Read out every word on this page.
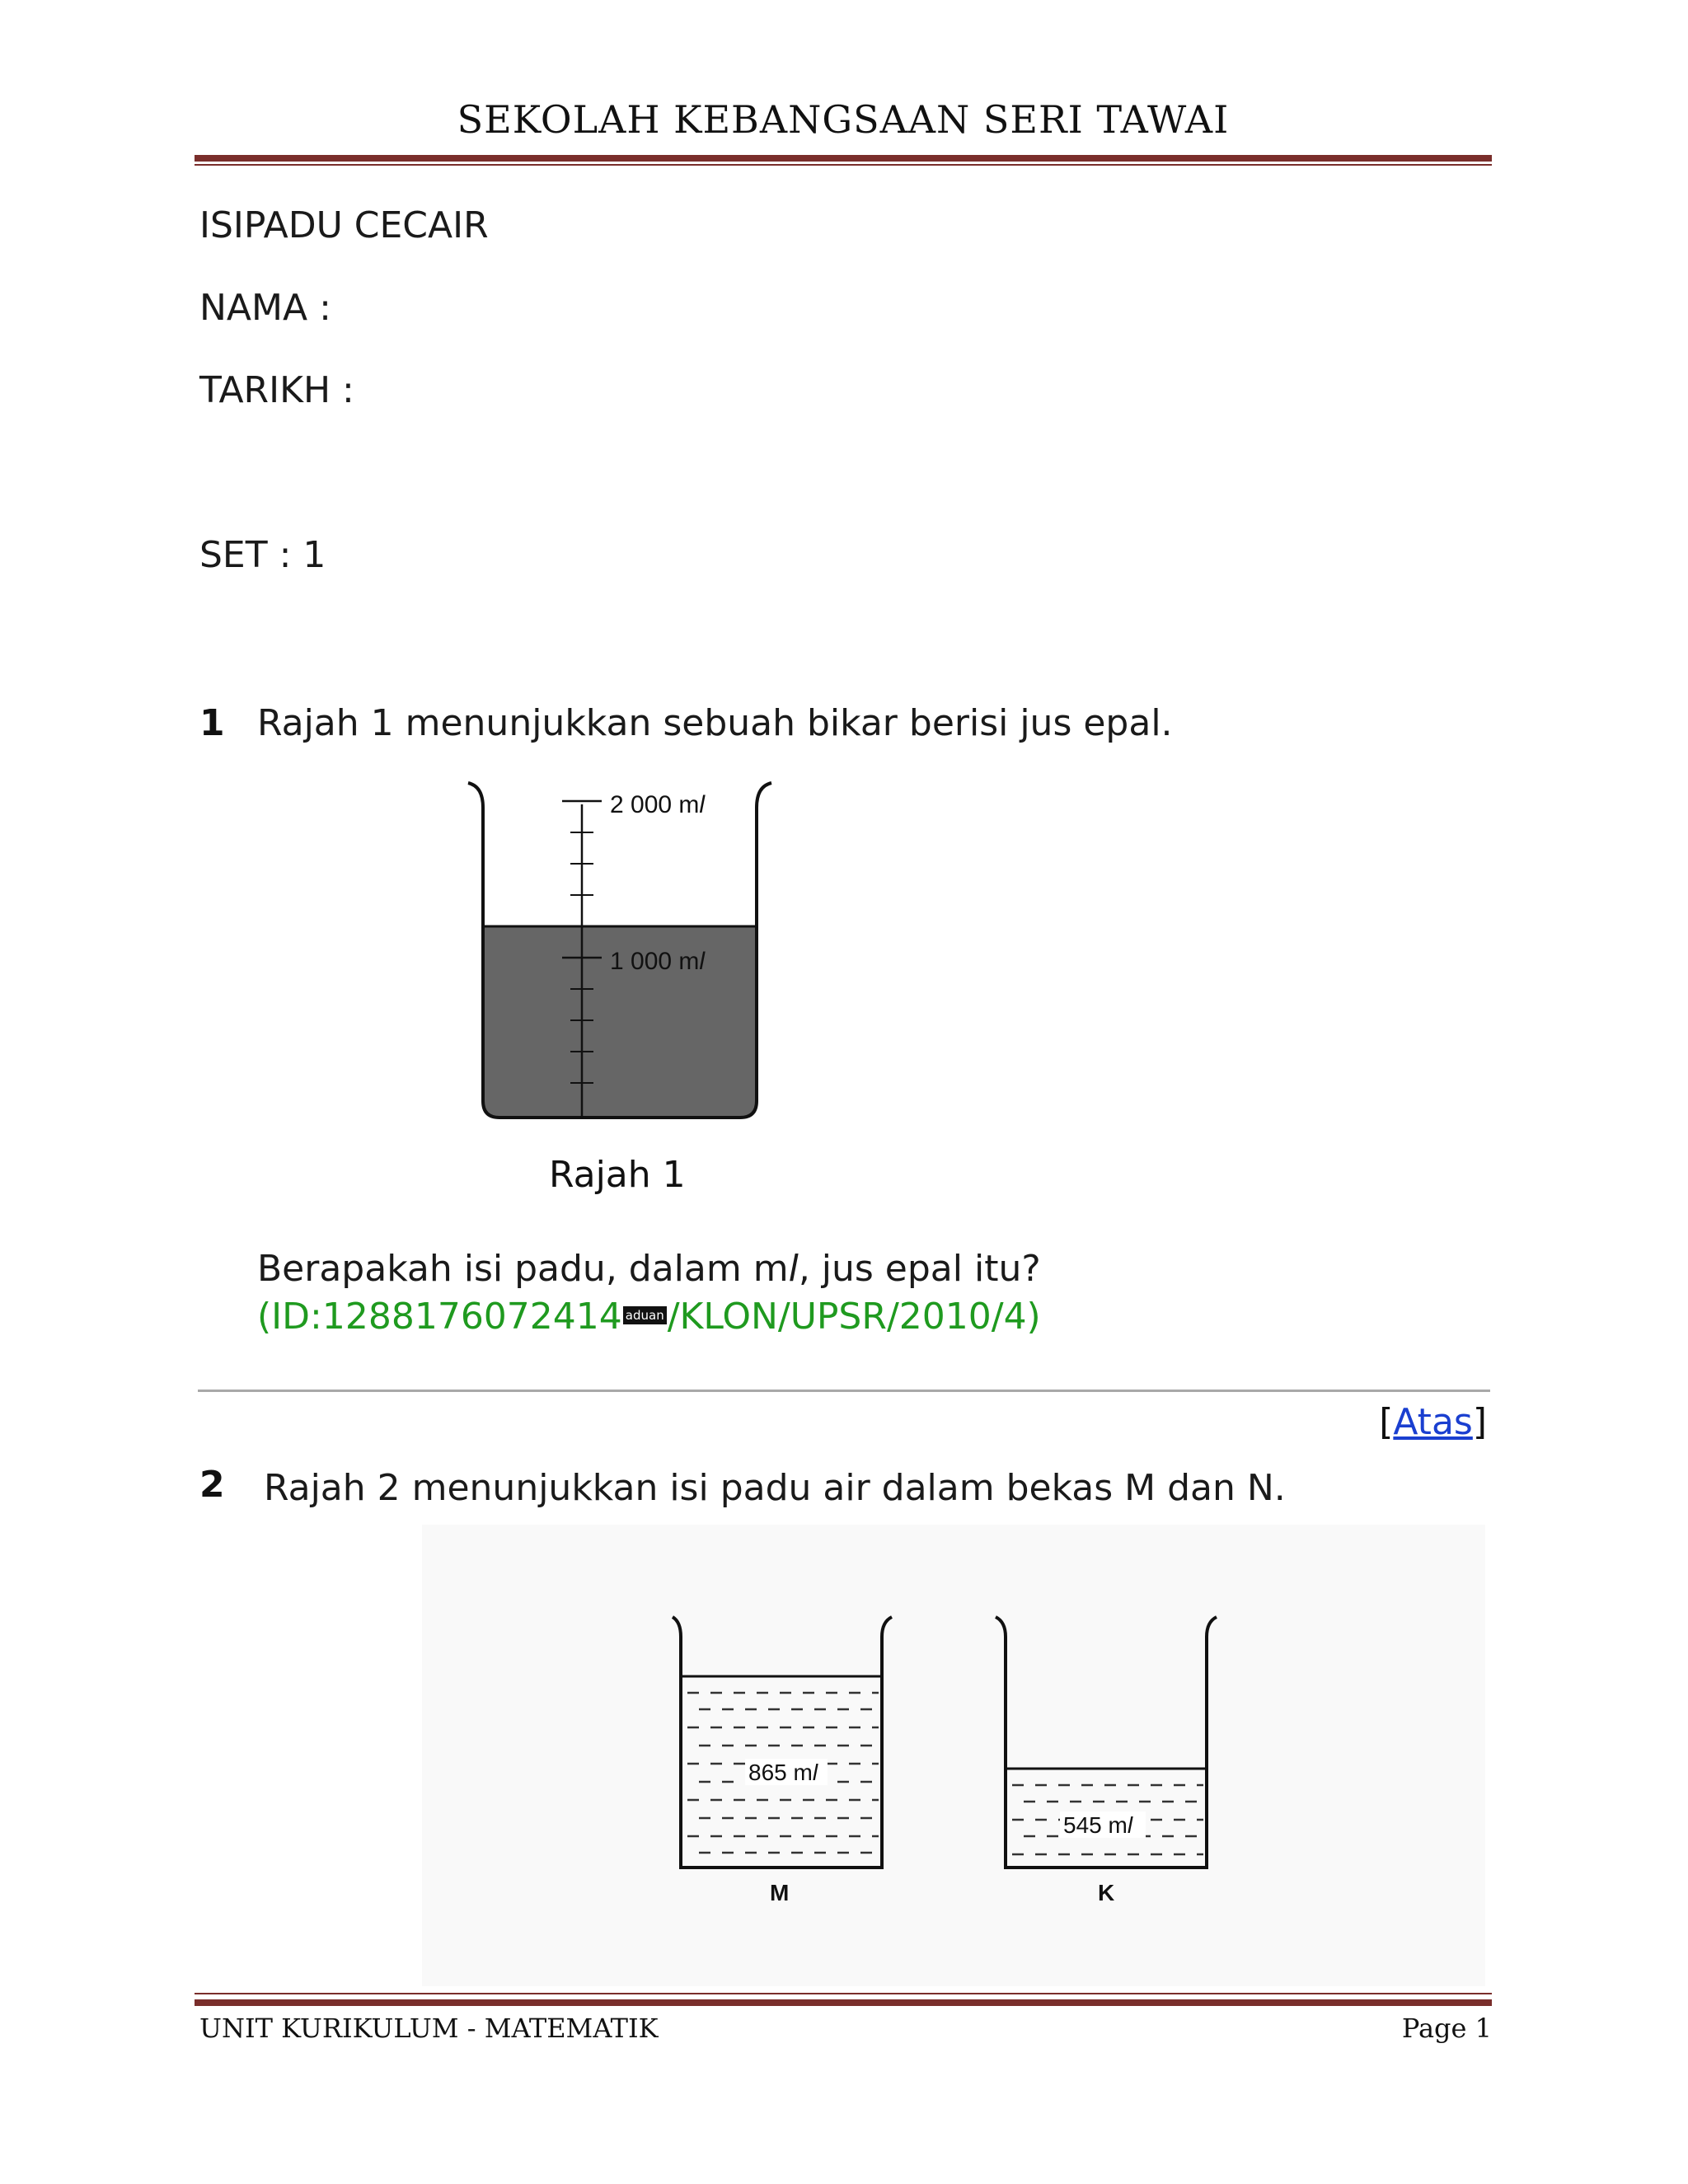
SEKOLAH KEBANGSAAN SERI TAWAI
ISIPADU CECAIR
NAMA :
TARIKH :
SET : 1
1 Rajah 1 menunjukkan sebuah bikar berisi jus epal.
2 000 ml
1 000 ml
Rajah 1
Berapakah isi padu, dalam ml, jus epal itu?
(ID:1288176072414 aduan/KLON/UPSR/2010/4)
[Atas]
2 Rajah 2 menunjukkan isi padu air dalam bekas M dan N.
865 ml
M
545 ml
K
UNIT KURIKULUM - MATEMATIK	Page 1
